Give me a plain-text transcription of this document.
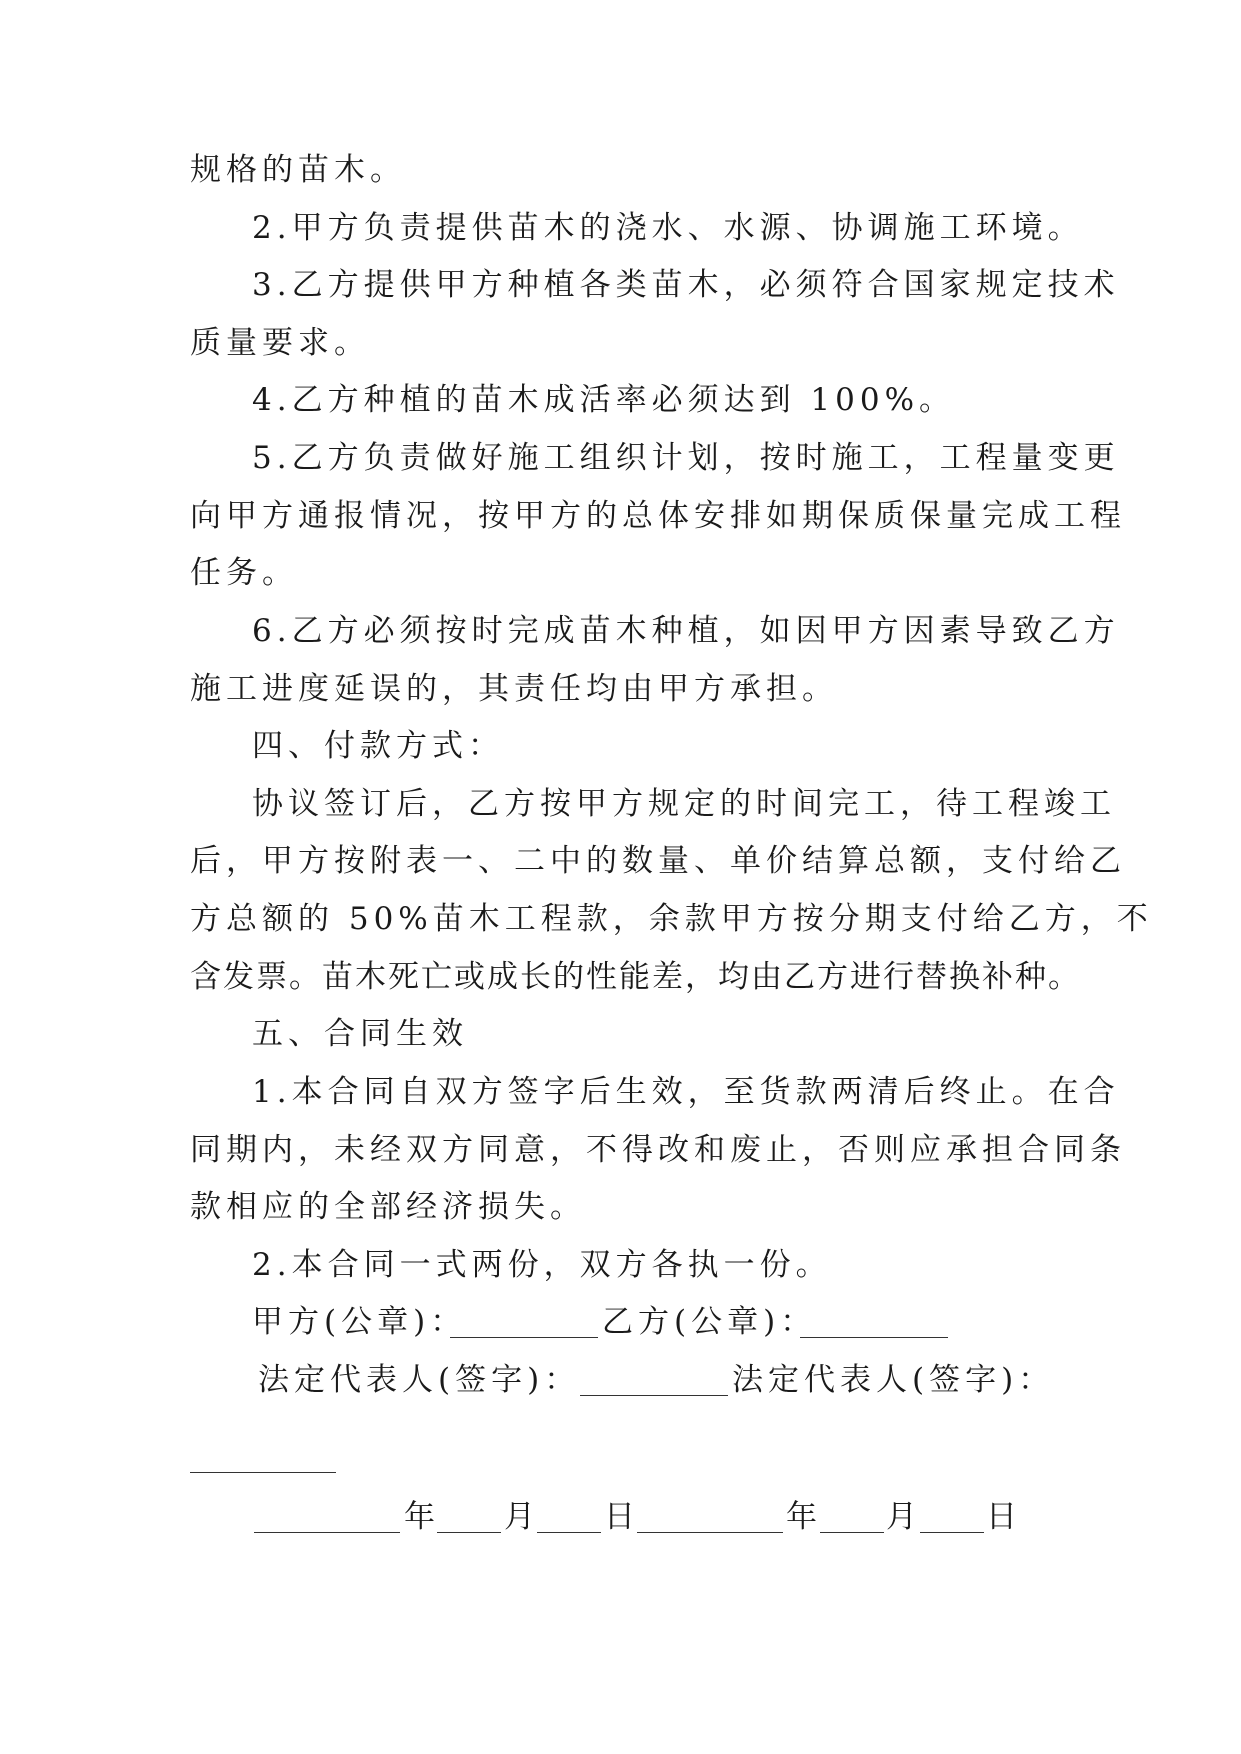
规格的苗木。
2.甲方负责提供苗木的浇水、水源、协调施工环境。
3.乙方提供甲方种植各类苗木，必须符合国家规定技术
质量要求。
4.乙方种植的苗木成活率必须达到 100%。
5.乙方负责做好施工组织计划，按时施工，工程量变更
向甲方通报情况，按甲方的总体安排如期保质保量完成工程
任务。
6.乙方必须按时完成苗木种植，如因甲方因素导致乙方
施工进度延误的，其责任均由甲方承担。
四、付款方式：
协议签订后，乙方按甲方规定的时间完工，待工程竣工
后，甲方按附表一、二中的数量、单价结算总额，支付给乙
方总额的 50%苗木工程款，余款甲方按分期支付给乙方，不
含发票。苗木死亡或成长的性能差，均由乙方进行替换补种。
五、合同生效
1.本合同自双方签字后生效，至货款两清后终止。在合
同期内，未经双方同意，不得改和废止，否则应承担合同条
款相应的全部经济损失。
2.本合同一式两份，双方各执一份。
甲方(公章)：	乙方(公章)：
法定代表人(签字)：	法定代表人(签字)：
年 月 日	年 月 日
